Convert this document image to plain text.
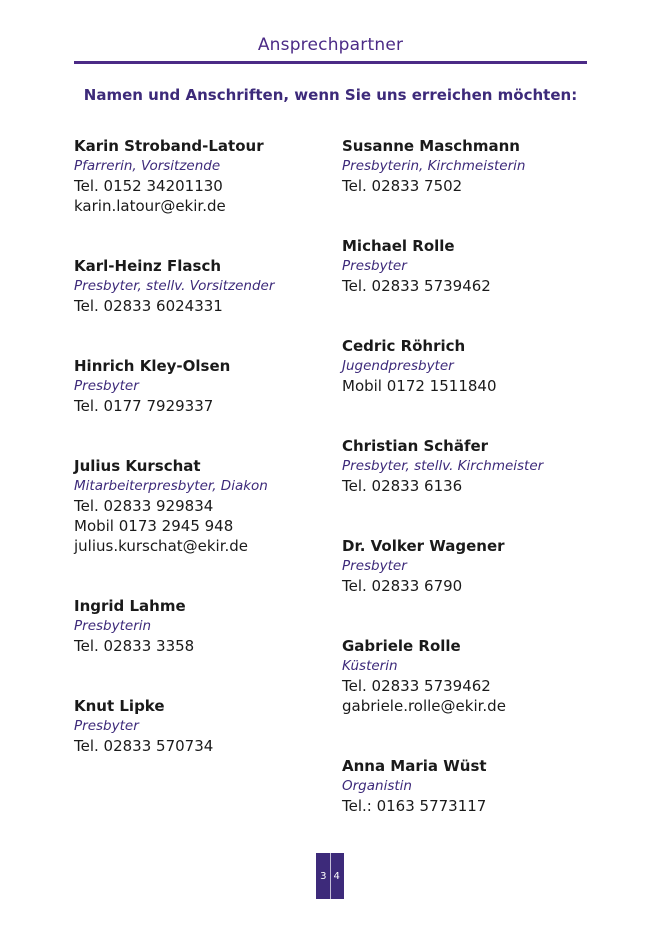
Ansprechpartner
Namen und Anschriften, wenn Sie uns erreichen möchten:
Karin Stroband-Latour
Pfarrerin, Vorsitzende
Tel. 0152 34201130
karin.latour@ekir.de
Karl-Heinz Flasch
Presbyter, stellv. Vorsitzender
Tel. 02833 6024331
Hinrich Kley-Olsen
Presbyter
Tel. 0177 7929337
Julius Kurschat
Mitarbeiterpresbyter, Diakon
Tel. 02833 929834
Mobil 0173 2945 948
julius.kurschat@ekir.de
Ingrid Lahme
Presbyterin
Tel. 02833 3358
Knut Lipke
Presbyter
Tel. 02833 570734
Susanne Maschmann
Presbyterin, Kirchmeisterin
Tel. 02833 7502
Michael Rolle
Presbyter
Tel. 02833 5739462
Cedric Röhrich
Jugendpresbyter
Mobil 0172 1511840
Christian Schäfer
Presbyter, stellv. Kirchmeister
Tel. 02833 6136
Dr. Volker Wagener
Presbyter
Tel. 02833 6790
Gabriele Rolle
Küsterin
Tel. 02833 5739462
gabriele.rolle@ekir.de
Anna Maria Wüst
Organistin
Tel.: 0163 5773117
3 4
